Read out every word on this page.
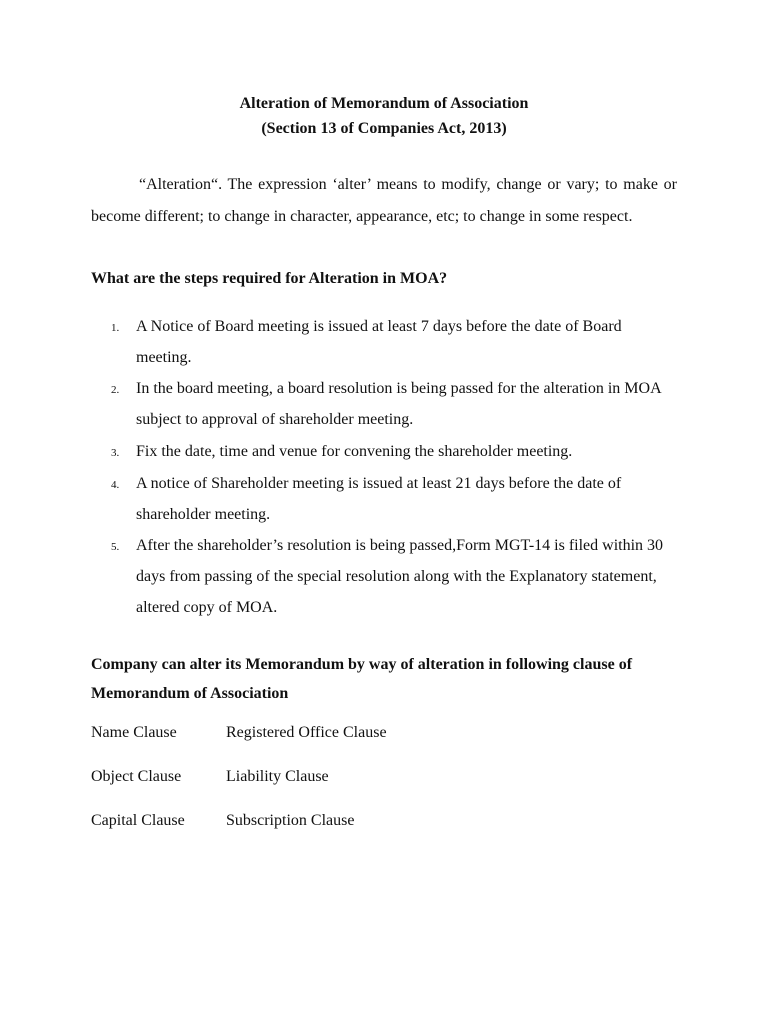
Alteration of Memorandum of Association
(Section 13 of Companies Act, 2013)
“Alteration“. The expression ‘alter’ means to modify, change or vary; to make or become different; to change in character, appearance, etc; to change in some respect.
What are the steps required for Alteration in MOA?
1. A Notice of Board meeting is issued at least 7 days before the date of Board meeting.
2. In the board meeting, a board resolution is being passed for the alteration in MOA subject to approval of shareholder meeting.
3. Fix the date, time and venue for convening the shareholder meeting.
4. A notice of Shareholder meeting is issued at least 21 days before the date of shareholder meeting.
5. After the shareholder’s resolution is being passed,Form MGT-14 is filed within 30 days from passing of the special resolution along with the Explanatory statement, altered copy of MOA.
Company can alter its Memorandum by way of alteration in following clause of Memorandum of Association
Name Clause	Registered Office Clause
Object Clause	Liability Clause
Capital Clause	Subscription Clause
